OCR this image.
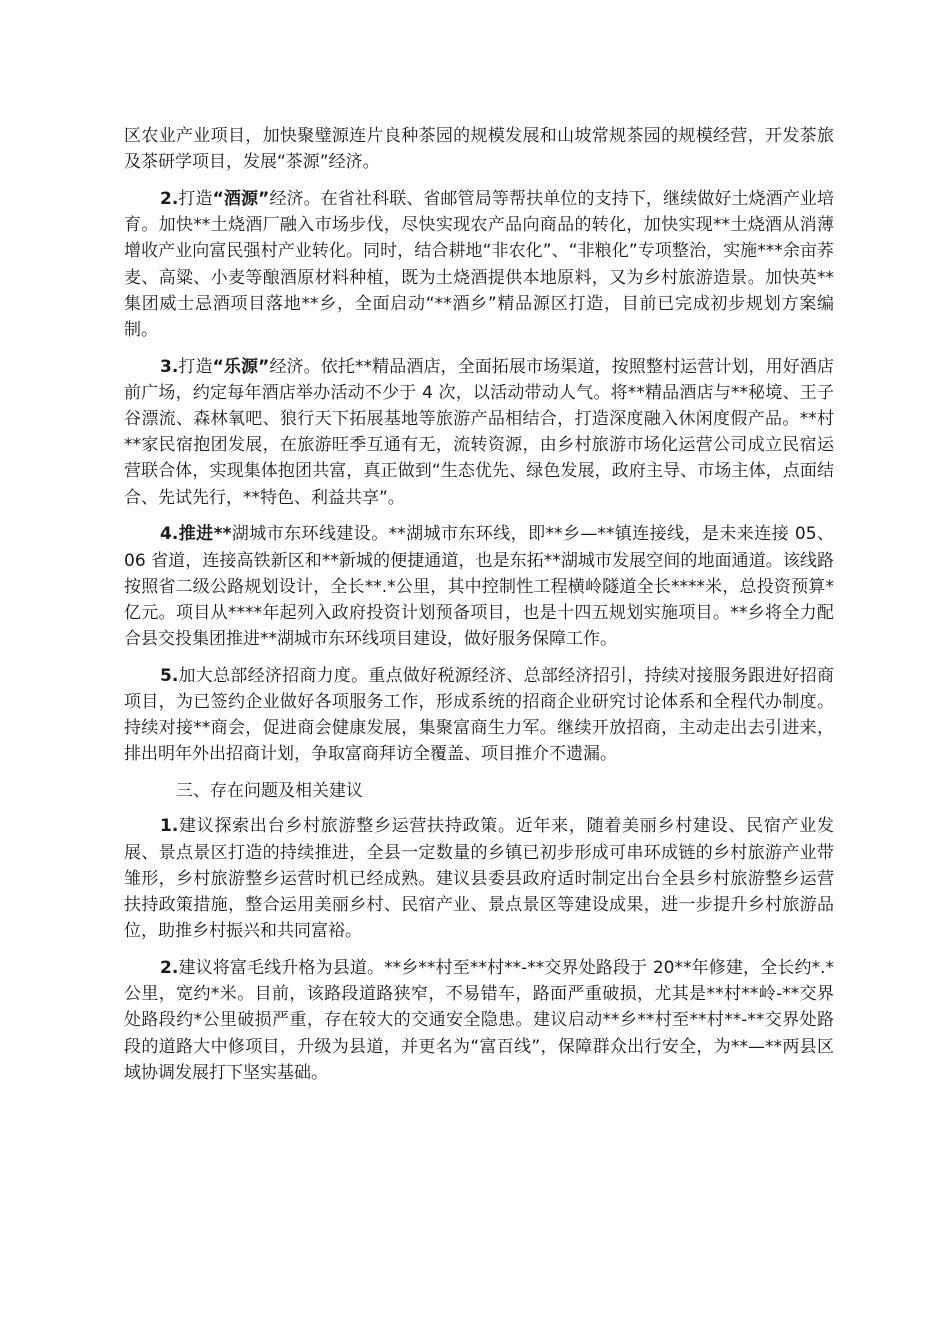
区农业产业项目，加快聚璧源连片良种茶园的规模发展和山坡常规茶园的规模经营，开发茶旅及茶研学项目，发展“茶源”经济。

2.打造“酒源”经济。在省社科联、省邮管局等帮扶单位的支持下，继续做好土烧酒产业培育。加快**土烧酒厂融入市场步伐，尽快实现农产品向商品的转化，加快实现**土烧酒从消薄增收产业向富民强村产业转化。同时，结合耕地“非农化”、“非粮化”专项整治，实施***余亩荞麦、高粱、小麦等酿酒原材料种植，既为土烧酒提供本地原料，又为乡村旅游造景。加快英**集团威士忌酒项目落地**乡，全面启动“**酒乡”精品源区打造，目前已完成初步规划方案编制。

3.打造“乐源”经济。依托**精品酒店，全面拓展市场渠道，按照整村运营计划，用好酒店前广场，约定每年酒店举办活动不少于 4 次，以活动带动人气。将**精品酒店与**秘境、王子谷漂流、森林氧吧、狼行天下拓展基地等旅游产品相结合，打造深度融入休闲度假产品。**村**家民宿抱团发展，在旅游旺季互通有无，流转资源，由乡村旅游市场化运营公司成立民宿运营联合体，实现集体抱团共富，真正做到“生态优先、绿色发展，政府主导、市场主体，点面结合、先试先行，**特色、利益共享”。

4.推进**湖城市东环线建设。**湖城市东环线，即**乡—**镇连接线，是未来连接 05、06 省道，连接高铁新区和**新城的便捷通道，也是东拓**湖城市发展空间的地面通道。该线路按照省二级公路规划设计，全长**.*公里，其中控制性工程横岭隧道全长****米，总投资预算*亿元。项目从****年起列入政府投资计划预备项目，也是十四五规划实施项目。**乡将全力配合县交投集团推进**湖城市东环线项目建设，做好服务保障工作。

5.加大总部经济招商力度。重点做好税源经济、总部经济招引，持续对接服务跟进好招商项目，为已签约企业做好各项服务工作，形成系统的招商企业研究讨论体系和全程代办制度。持续对接**商会，促进商会健康发展，集聚富商生力军。继续开放招商，主动走出去引进来，排出明年外出招商计划，争取富商拜访全覆盖、项目推介不遗漏。

三、存在问题及相关建议

1.建议探索出台乡村旅游整乡运营扶持政策。近年来，随着美丽乡村建设、民宿产业发展、景点景区打造的持续推进，全县一定数量的乡镇已初步形成可串环成链的乡村旅游产业带雏形，乡村旅游整乡运营时机已经成熟。建议县委县政府适时制定出台全县乡村旅游整乡运营扶持政策措施，整合运用美丽乡村、民宿产业、景点景区等建设成果，进一步提升乡村旅游品位，助推乡村振兴和共同富裕。

2.建议将富毛线升格为县道。**乡**村至**村**-**交界处路段于 20**年修建，全长约*.*公里，宽约*米。目前，该路段道路狭窄，不易错车，路面严重破损，尤其是**村**岭-**交界处路段约*公里破损严重，存在较大的交通安全隐患。建议启动**乡**村至**村**-**交界处路段的道路大中修项目，升级为县道，并更名为“富百线”，保障群众出行安全，为**—**两县区域协调发展打下坚实基础。
